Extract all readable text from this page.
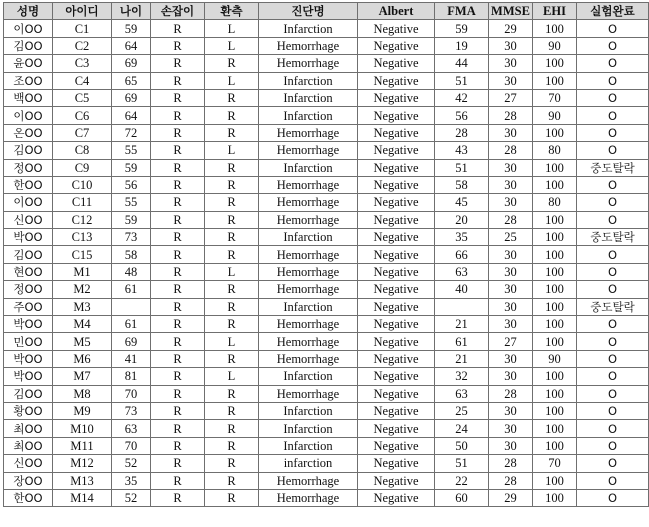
성명	아이디	나이	손잡이	환측	진단명	Albert	FMA	MMSE	EHI	실험완료
이OO	C1	59	R	L	Infarction	Negative	59	29	100	O
김OO	C2	64	R	L	Hemorrhage	Negative	19	30	90	O
윤OO	C3	69	R	R	Hemorrhage	Negative	44	30	100	O
조OO	C4	65	R	L	Infarction	Negative	51	30	100	O
백OO	C5	69	R	R	Infarction	Negative	42	27	70	O
이OO	C6	64	R	R	Infarction	Negative	56	28	90	O
온OO	C7	72	R	R	Hemorrhage	Negative	28	30	100	O
김OO	C8	55	R	L	Hemorrhage	Negative	43	28	80	O
정OO	C9	59	R	R	Infarction	Negative	51	30	100	중도탈락
한OO	C10	56	R	R	Hemorrhage	Negative	58	30	100	O
이OO	C11	55	R	R	Hemorrhage	Negative	45	30	80	O
신OO	C12	59	R	R	Hemorrhage	Negative	20	28	100	O
박OO	C13	73	R	R	Infarction	Negative	35	25	100	중도탈락
김OO	C15	58	R	R	Hemorrhage	Negative	66	30	100	O
현OO	M1	48	R	L	Hemorrhage	Negative	63	30	100	O
정OO	M2	61	R	R	Hemorrhage	Negative	40	30	100	O
주OO	M3		R	R	Infarction	Negative		30	100	중도탈락
박OO	M4	61	R	R	Hemorrhage	Negative	21	30	100	O
민OO	M5	69	R	L	Hemorrhage	Negative	61	27	100	O
박OO	M6	41	R	R	Hemorrhage	Negative	21	30	90	O
박OO	M7	81	R	L	Infarction	Negative	32	30	100	O
김OO	M8	70	R	R	Hemorrhage	Negative	63	28	100	O
황OO	M9	73	R	R	Infarction	Negative	25	30	100	O
최OO	M10	63	R	R	Infarction	Negative	24	30	100	O
최OO	M11	70	R	R	Infarction	Negative	50	30	100	O
신OO	M12	52	R	R	infarction	Negative	51	28	70	O
장OO	M13	35	R	R	Hemorrhage	Negative	22	28	100	O
한OO	M14	52	R	R	Hemorrhage	Negative	60	29	100	O
